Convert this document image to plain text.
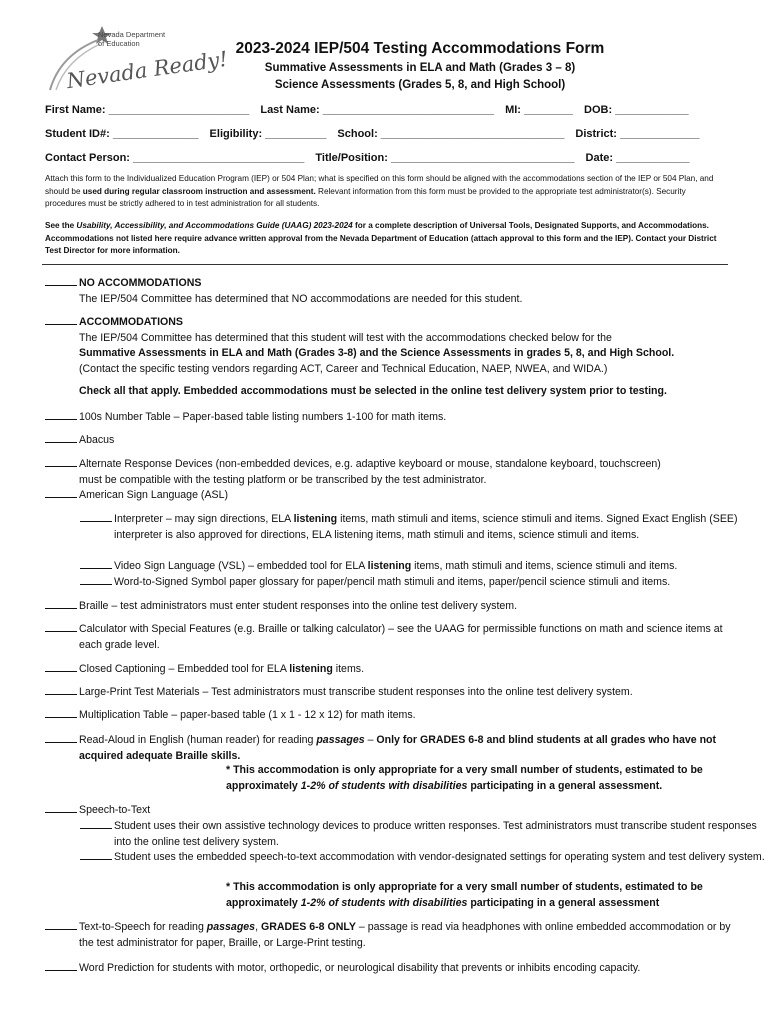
Nevada Department
of Education
Nevada Ready! 2023-2024 IEP/504 Testing Accommodations Form
Summative Assessments in ELA and Math (Grades 3 – 8)
Science Assessments (Grades 5, 8, and High School)
First Name: _______________________ Last Name: ____________________________ MI: ________ DOB: ____________
Student ID#: ______________ Eligibility: __________ School: ______________________________ District: _____________
Contact Person: ____________________________ Title/Position: ______________________________ Date: ____________
Attach this form to the Individualized Education Program (IEP) or 504 Plan; what is specified on this form should be aligned with the accommodations section of the IEP or 504 Plan, and should be used during regular classroom instruction and assessment. Relevant information from this form must be provided to the appropriate test administrator(s). Security procedures must be strictly adhered to in test administration for all students.
See the Usability, Accessibility, and Accommodations Guide (UAAG) 2023-2024 for a complete description of Universal Tools, Designated Supports, and Accommodations. Accommodations not listed here require advance written approval from the Nevada Department of Education (attach approval to this form and the IEP). Contact your District Test Director for more information.
NO ACCOMMODATIONS
The IEP/504 Committee has determined that NO accommodations are needed for this student.
ACCOMMODATIONS
The IEP/504 Committee has determined that this student will test with the accommodations checked below for the
Summative Assessments in ELA and Math (Grades 3-8) and the Science Assessments in grades 5, 8, and High School.
(Contact the specific testing vendors regarding ACT, Career and Technical Education, NAEP, NWEA, and WIDA.)
Check all that apply. Embedded accommodations must be selected in the online test delivery system prior to testing.
100s Number Table – Paper-based table listing numbers 1-100 for math items.
Abacus
Alternate Response Devices (non-embedded devices, e.g. adaptive keyboard or mouse, standalone keyboard, touchscreen)
must be compatible with the testing platform or be transcribed by the test administrator.
American Sign Language (ASL)
Interpreter – may sign directions, ELA listening items, math stimuli and items, science stimuli and items. Signed Exact English (SEE) interpreter is also approved for directions, ELA listening items, math stimuli and items, science stimuli and items.
Video Sign Language (VSL) – embedded tool for ELA listening items, math stimuli and items, science stimuli and items.
Word-to-Signed Symbol paper glossary for paper/pencil math stimuli and items, paper/pencil science stimuli and items.
Braille – test administrators must enter student responses into the online test delivery system.
Calculator with Special Features (e.g. Braille or talking calculator) – see the UAAG for permissible functions on math and science items at each grade level.
Closed Captioning – Embedded tool for ELA listening items.
Large-Print Test Materials – Test administrators must transcribe student responses into the online test delivery system.
Multiplication Table – paper-based table (1 x 1 - 12 x 12) for math items.
Read-Aloud in English (human reader) for reading passages – Only for GRADES 6-8 and blind students at all grades who have not acquired adequate Braille skills.
* This accommodation is only appropriate for a very small number of students, estimated to be approximately 1-2% of students with disabilities participating in a general assessment.
Speech-to-Text
Student uses their own assistive technology devices to produce written responses. Test administrators must transcribe student responses into the online test delivery system.
Student uses the embedded speech-to-text accommodation with vendor-designated settings for operating system and test delivery system.
* This accommodation is only appropriate for a very small number of students, estimated to be approximately 1-2% of students with disabilities participating in a general assessment
Text-to-Speech for reading passages, GRADES 6-8 ONLY – passage is read via headphones with online embedded accommodation or by the test administrator for paper, Braille, or Large-Print testing.
Word Prediction for students with motor, orthopedic, or neurological disability that prevents or inhibits encoding capacity.
